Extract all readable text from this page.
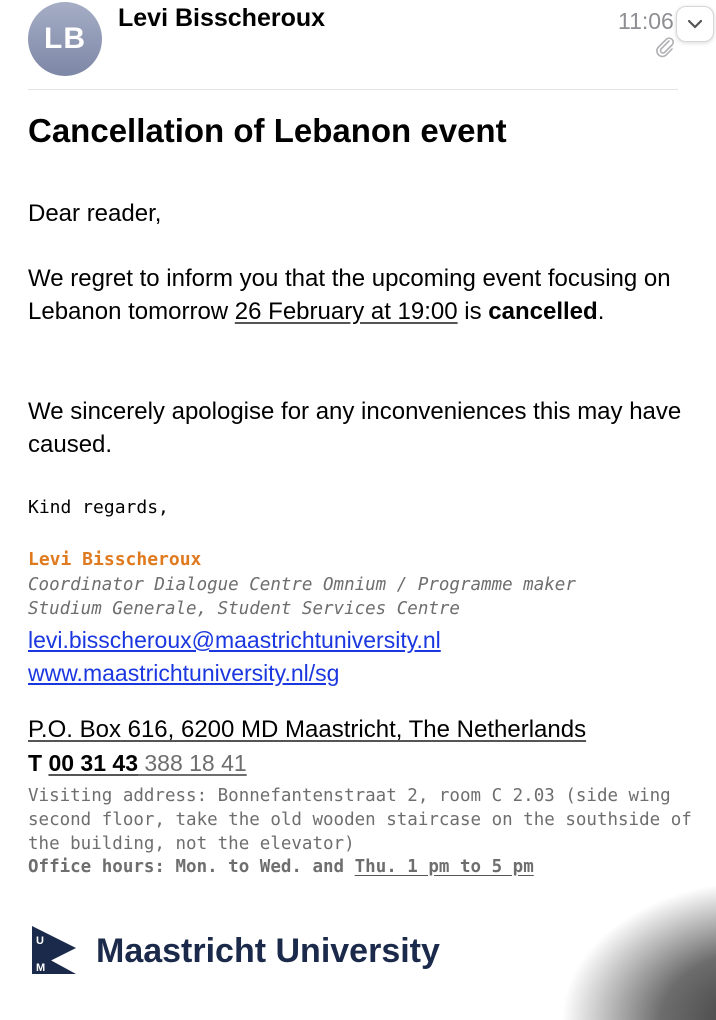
LB
Levi Bisscheroux	11:06
Cancellation of Lebanon event
Dear reader,
We regret to inform you that the upcoming event focusing on Lebanon tomorrow 26 February at 19:00 is cancelled.
We sincerely apologise for any inconveniences this may have caused.
Kind regards,
Levi Bisscheroux
Coordinator Dialogue Centre Omnium / Programme maker
Studium Generale, Student Services Centre
levi.bisscheroux@maastrichtuniversity.nl
www.maastrichtuniversity.nl/sg
P.O. Box 616, 6200 MD Maastricht, The Netherlands
T 00 31 43 388 18 41
Visiting address: Bonnefantenstraat 2, room C 2.03 (side wing second floor, take the old wooden staircase on the southside of the building, not the elevator)
Office hours: Mon. to Wed. and Thu. 1 pm to 5 pm
U
M Maastricht University
